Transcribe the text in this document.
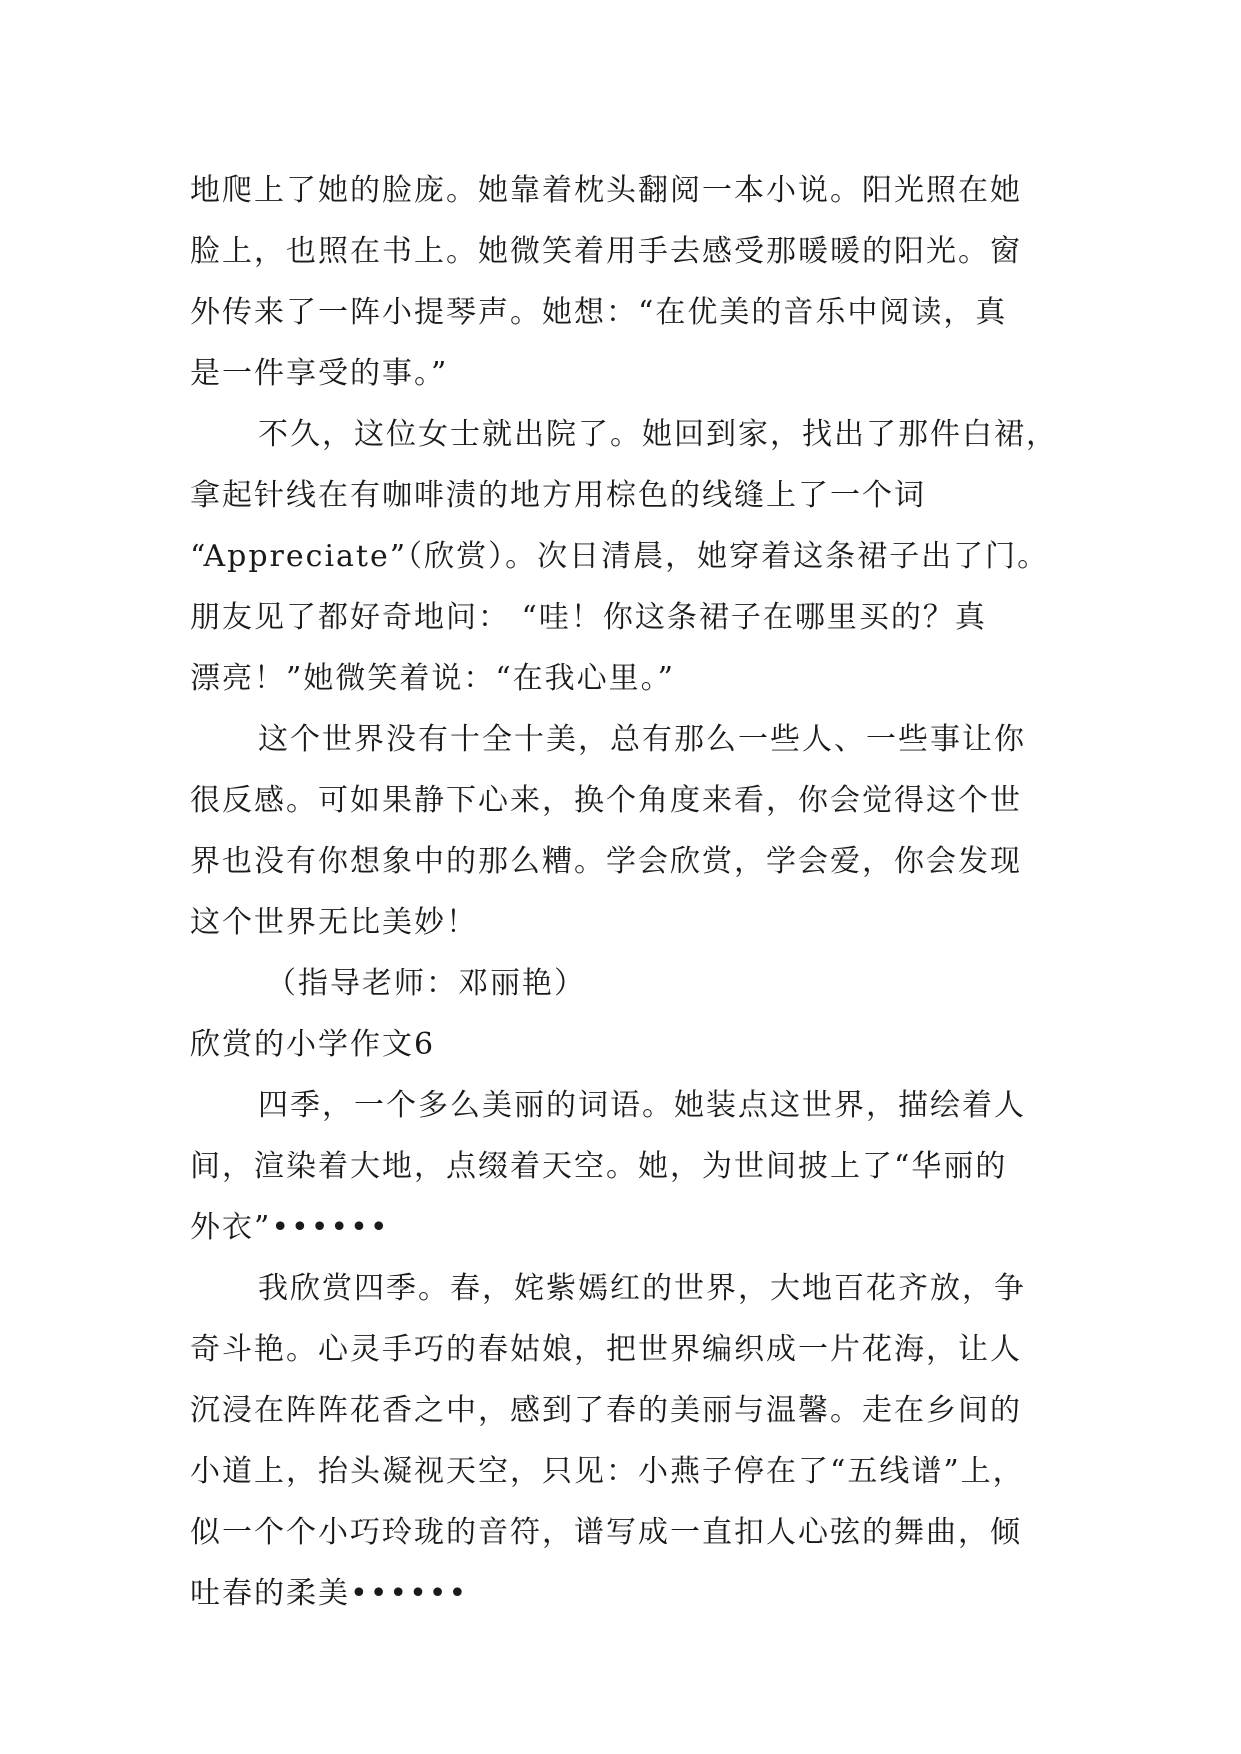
地爬上了她的脸庞。她靠着枕头翻阅一本小说。阳光照在她
脸上，也照在书上。她微笑着用手去感受那暖暖的阳光。窗
外传来了一阵小提琴声。她想：“在优美的音乐中阅读，真
是一件享受的事。”
不久，这位女士就出院了。她回到家，找出了那件白裙，
拿起针线在有咖啡渍的地方用棕色的线缝上了一个词
“Appreciate”（欣赏）。次日清晨，她穿着这条裙子出了门。
朋友见了都好奇地问： “哇！你这条裙子在哪里买的？真
漂亮！”她微笑着说：“在我心里。”
这个世界没有十全十美，总有那么一些人、一些事让你
很反感。可如果静下心来，换个角度来看，你会觉得这个世
界也没有你想象中的那么糟。学会欣赏，学会爱，你会发现
这个世界无比美妙！
（指导老师：邓丽艳）
欣赏的小学作文6
四季，一个多么美丽的词语。她装点这世界，描绘着人
间，渲染着大地，点缀着天空。她，为世间披上了“华丽的
外衣”••••••
我欣赏四季。春，姹紫嫣红的世界，大地百花齐放，争
奇斗艳。心灵手巧的春姑娘，把世界编织成一片花海，让人
沉浸在阵阵花香之中，感到了春的美丽与温馨。走在乡间的
小道上，抬头凝视天空，只见：小燕子停在了“五线谱”上，
似一个个小巧玲珑的音符，谱写成一直扣人心弦的舞曲，倾
吐春的柔美••••••
